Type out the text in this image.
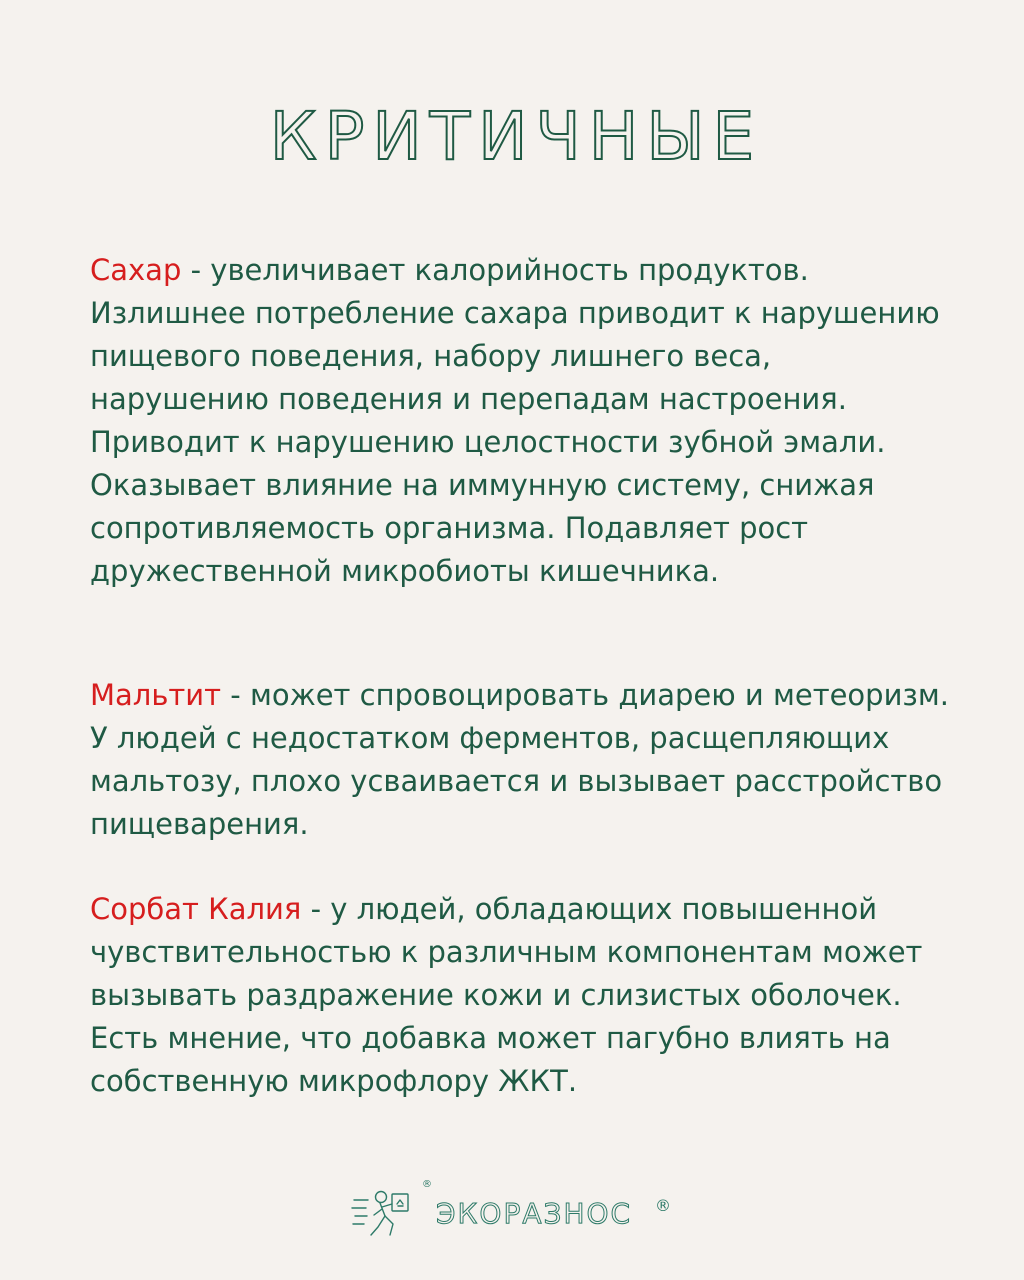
КРИТИЧНЫЕ

Сахар - увеличивает калорийность продуктов. Излишнее потребление сахара приводит к нарушению пищевого поведения, набору лишнего веса, нарушению поведения и перепадам настроения. Приводит к нарушению целостности зубной эмали. Оказывает влияние на иммунную систему, снижая сопротивляемость организма. Подавляет рост дружественной микробиоты кишечника.

Мальтит - может спровоцировать диарею и метеоризм. У людей с недостатком ферментов, расщепляющих мальтозу, плохо усваивается и вызывает расстройство пищеварения.

Сорбат Калия - у людей, обладающих повышенной чувствительностью к различным компонентам может вызывать раздражение кожи и слизистых оболочек. Есть мнение, что добавка может пагубно влиять на собственную микрофлору ЖКТ.

®
ЭКОРАЗНОС ®
